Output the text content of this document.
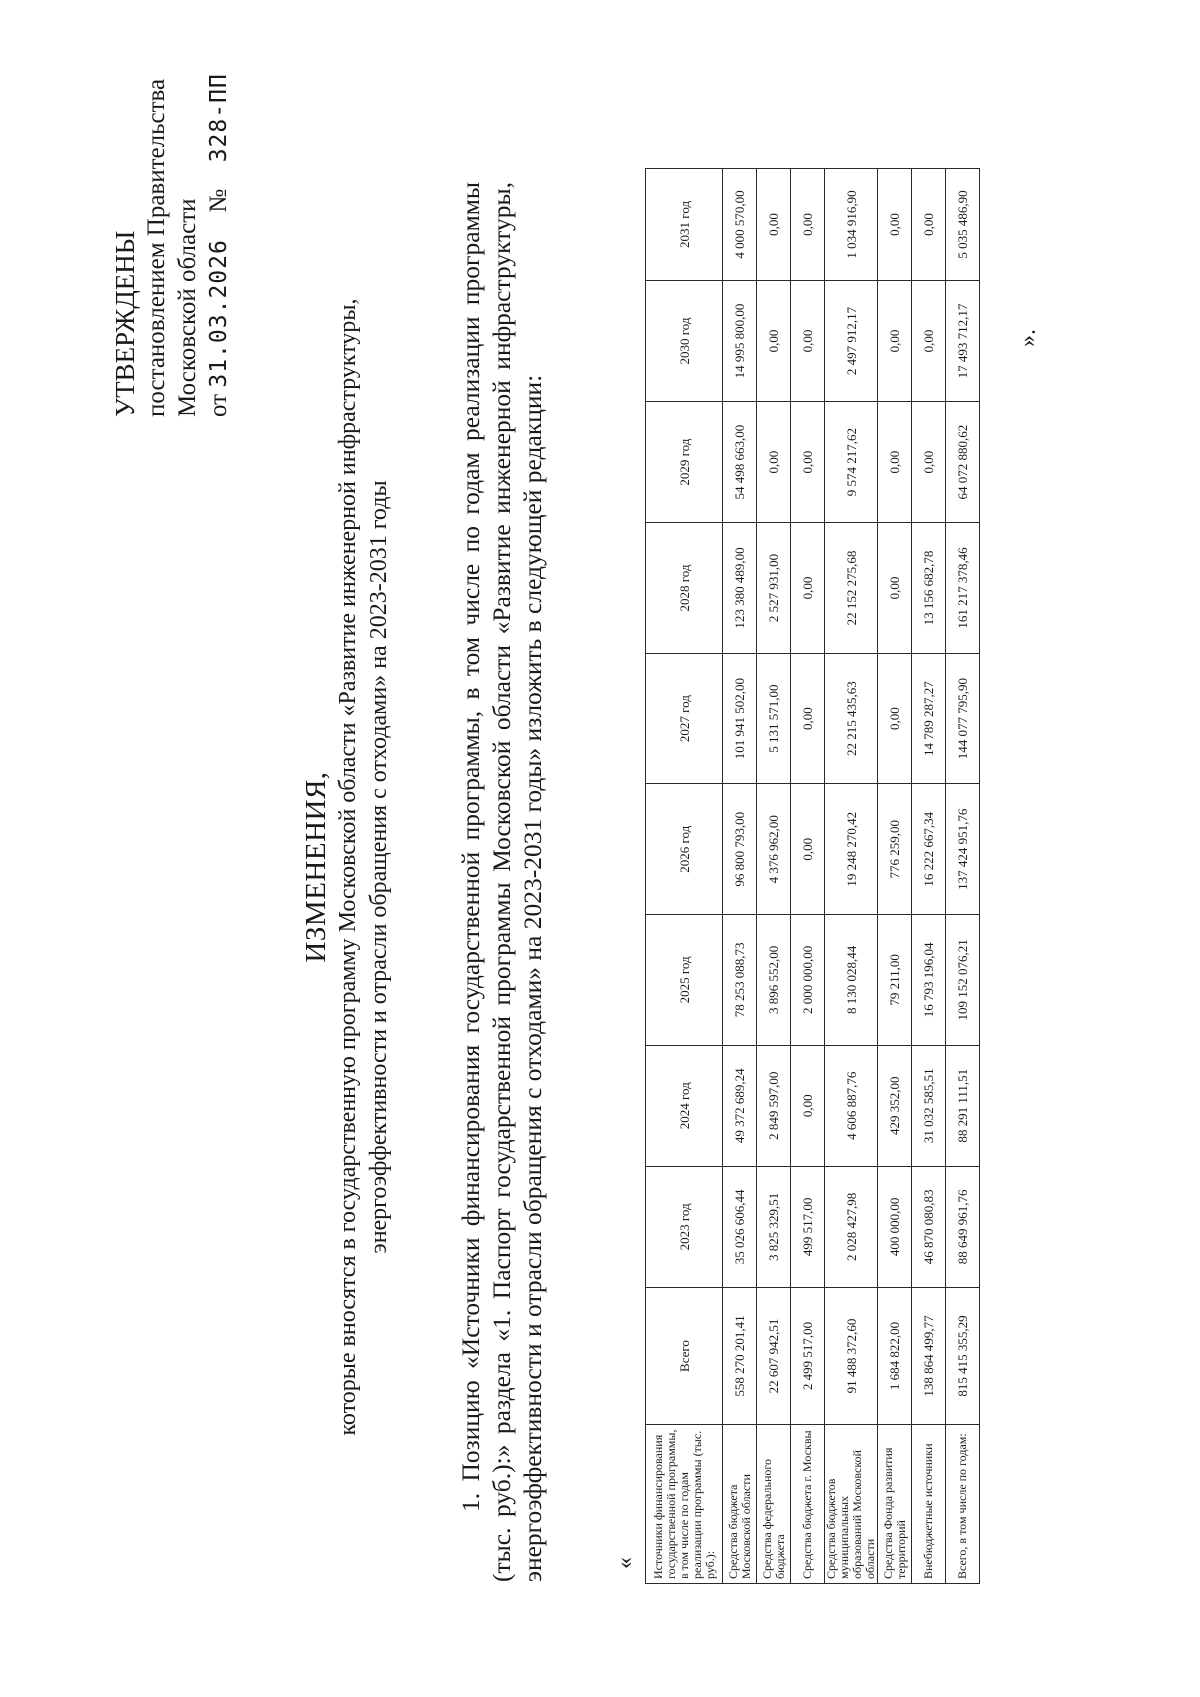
УТВЕРЖДЕНЫ постановлением Правительства Московской области от 31.03.2026  №  328-ПП
ИЗМЕНЕНИЯ, которые вносятся в государственную программу Московской области «Развитие инженерной инфраструктуры, энергоэффективности и отрасли обращения с отходами» на 2023-2031 годы	1. Позицию «Источники финансирования государственной программы, в том числе по годам реализации программы (тыс. руб.):» раздела «1. Паспорт государственной программы Московской области «Развитие инженерной инфраструктуры, энергоэффективности и отрасли обращения с отходами» на 2023-2031 годы» изложить в следующей редакции:	« Источники финансирования государственной программы, в том числе по годам реализации программы (тыс. руб.):	Всего	2023 год	2024 год	2025 год	2026 год	2027 год	2028 год	2029 год	2030 год	2031 год
Средства бюджета Московской области	558 270 201,41	35 026 606,44	49 372 689,24	78 253 088,73	96 800 793,00	101 941 502,00	123 380 489,00	54 498 663,00	14 995 800,00	4 000 570,00
Средства федерального бюджета	22 607 942,51	3 825 329,51	2 849 597,00	3 896 552,00	4 376 962,00	5 131 571,00	2 527 931,00	0,00	0,00	0,00
Средства бюджета г. Москвы	2 499 517,00	499 517,00	0,00	2 000 000,00	0,00	0,00	0,00	0,00	0,00	0,00
Средства бюджетов муниципальных образований Московской области	91 488 372,60	2 028 427,98	4 606 887,76	8 130 028,44	19 248 270,42	22 215 435,63	22 152 275,68	9 574 217,62	2 497 912,17	1 034 916,90
Средства Фонда развития территорий	1 684 822,00	400 000,00	429 352,00	79 211,00	776 259,00	0,00	0,00	0,00	0,00	0,00
Внебюджетные источники	138 864 499,77	46 870 080,83	31 032 585,51	16 793 196,04	16 222 667,34	14 789 287,27	13 156 682,78	0,00	0,00	0,00
Всего, в том числе по годам:	815 415 355,29	88 649 961,76	88 291 111,51	109 152 076,21	137 424 951,76	144 077 795,90	161 217 378,46	64 072 880,62	17 493 712,17	5 035 486,90
».
